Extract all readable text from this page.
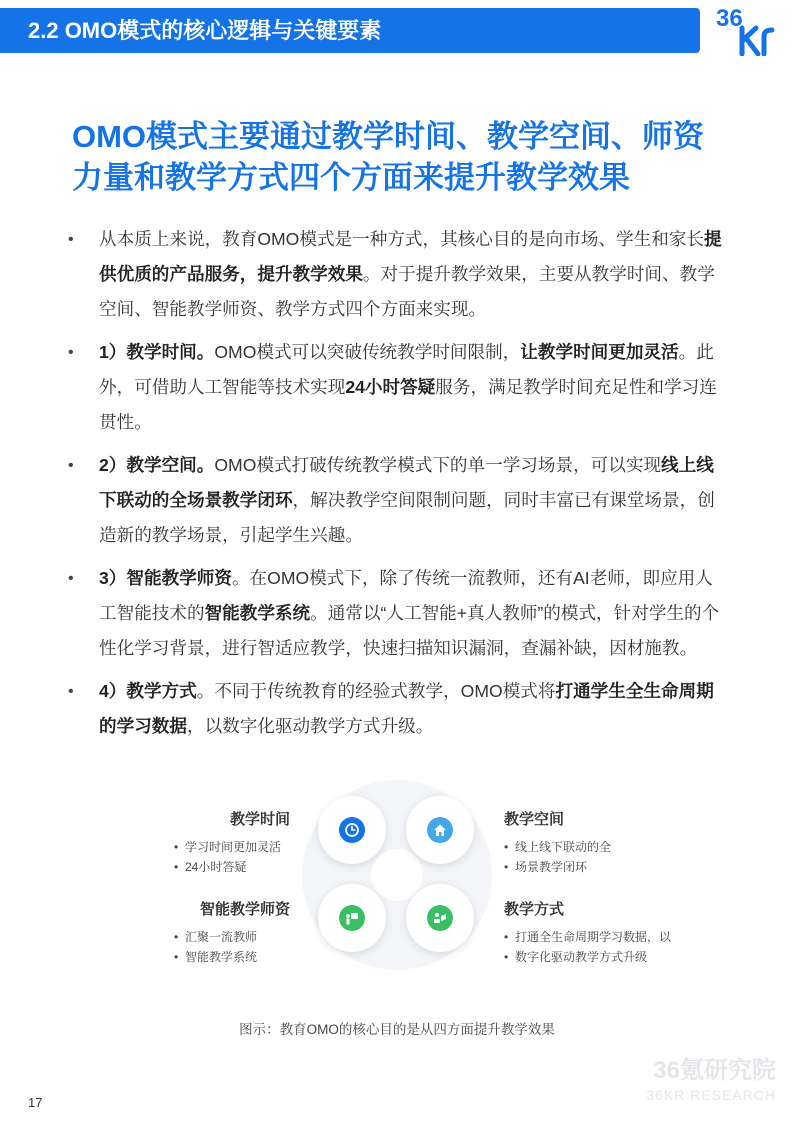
2.2 OMO模式的核心逻辑与关键要素	36
OMO模式主要通过教学时间、教学空间、师资
力量和教学方式四个方面来提升教学效果
• 从本质上来说，教育OMO模式是一种方式，其核心目的是向市场、学生和家长提供优质的产品服务，提升教学效果。对于提升教学效果，主要从教学时间、教学空间、智能教学师资、教学方式四个方面来实现。
• 1）教学时间。OMO模式可以突破传统教学时间限制，让教学时间更加灵活。此外，可借助人工智能等技术实现24小时答疑服务，满足教学时间充足性和学习连贯性。
• 2）教学空间。OMO模式打破传统教学模式下的单一学习场景，可以实现线上线下联动的全场景教学闭环，解决教学空间限制问题，同时丰富已有课堂场景，创造新的教学场景，引起学生兴趣。
• 3）智能教学师资。在OMO模式下，除了传统一流教师，还有AI老师，即应用人工智能技术的智能教学系统。通常以“人工智能+真人教师”的模式，针对学生的个性化学习背景，进行智适应教学，快速扫描知识漏洞，查漏补缺，因材施教。
• 4）教学方式。不同于传统教育的经验式教学，OMO模式将打通学生全生命周期的学习数据，以数字化驱动教学方式升级。
教学时间
• 学习时间更加灵活
• 24小时答疑
教学空间
• 线上线下联动的全
• 场景教学闭环
智能教学师资
• 汇聚一流教师
• 智能教学系统
教学方式
• 打通全生命周期学习数据，以
• 数字化驱动教学方式升级
图示：教育OMO的核心目的是从四方面提升教学效果
36氪研究院
36KR RESEARCH
17
